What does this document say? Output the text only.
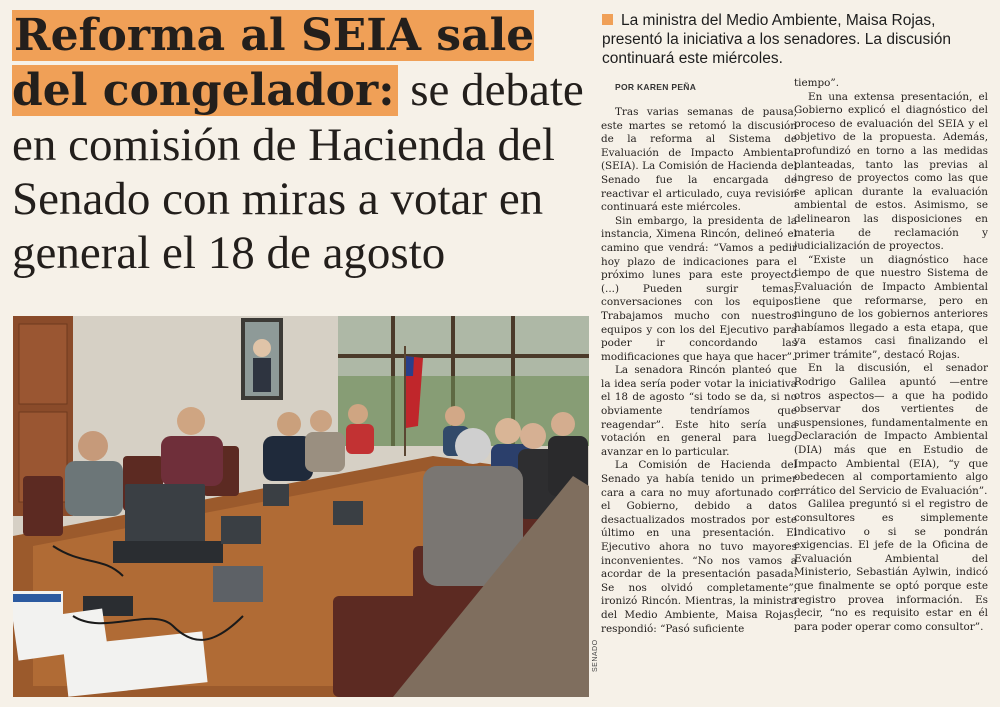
Reforma al SEIA sale del congelador: se debate en comisión de Hacienda del Senado con miras a votar en general el 18 de agosto
La ministra del Medio Ambiente, Maisa Rojas, presentó la iniciativa a los senadores. La discusión continuará este miércoles.
POR KAREN PEÑA
SENADO

Tras varias semanas de pausa, este martes se retomó la discusión de la reforma al Sistema de Evaluación de Impacto Ambiental (SEIA). La Comisión de Hacienda del Senado fue la encargada de reactivar el articulado, cuya revisión continuará este miércoles.

Sin embargo, la presidenta de la instancia, Ximena Rincón, delineó el camino que vendrá: “Vamos a pedir hoy plazo de indicaciones para el próximo lunes para este proyecto (...) Pueden surgir temas, conversaciones con los equipos. Trabajamos mucho con nuestros equipos y con los del Ejecutivo para poder ir concordando las modificaciones que haya que hacer”.

La senadora Rincón planteó que la idea sería poder votar la iniciativa el 18 de agosto “si todo se da, si no obviamente tendríamos que reagendar”. Este hito sería una votación en general para luego avanzar en lo particular.

La Comisión de Hacienda del Senado ya había tenido un primer cara a cara no muy afortunado con el Gobierno, debido a datos desactualizados mostrados por este último en una presentación. El Ejecutivo ahora no tuvo mayores inconvenientes. “No nos vamos a acordar de la presentación pasada. Se nos olvidó completamente”, ironizó Rincón. Mientras, la ministra del Medio Ambiente, Maisa Rojas, respondió: “Pasó suficiente

tiempo”.

En una extensa presentación, el Gobierno explicó el diagnóstico del proceso de evaluación del SEIA y el objetivo de la propuesta. Además, profundizó en torno a las medidas planteadas, tanto las previas al ingreso de proyectos como las que se aplican durante la evaluación ambiental de estos. Asimismo, se delinearon las disposiciones en materia de reclamación y judicialización de proyectos.

“Existe un diagnóstico hace tiempo de que nuestro Sistema de Evaluación de Impacto Ambiental tiene que reformarse, pero en ninguno de los gobiernos anteriores habíamos llegado a esta etapa, que ya estamos casi finalizando el primer trámite”, destacó Rojas.

En la discusión, el senador Rodrigo Galilea apuntó —entre otros aspectos— a que ha podido observar dos vertientes de suspensiones, fundamentalmente en Declaración de Impacto Ambiental (DIA) más que en Estudio de Impacto Ambiental (EIA), “y que obedecen al comportamiento algo errático del Servicio de Evaluación”.

Galilea preguntó si el registro de consultores es simplemente indicativo o si se pondrán exigencias. El jefe de la Oficina de Evaluación Ambiental del Ministerio, Sebastián Aylwin, indicó que finalmente se optó porque este registro provea información. Es decir, “no es requisito estar en él para poder operar como consultor”.
